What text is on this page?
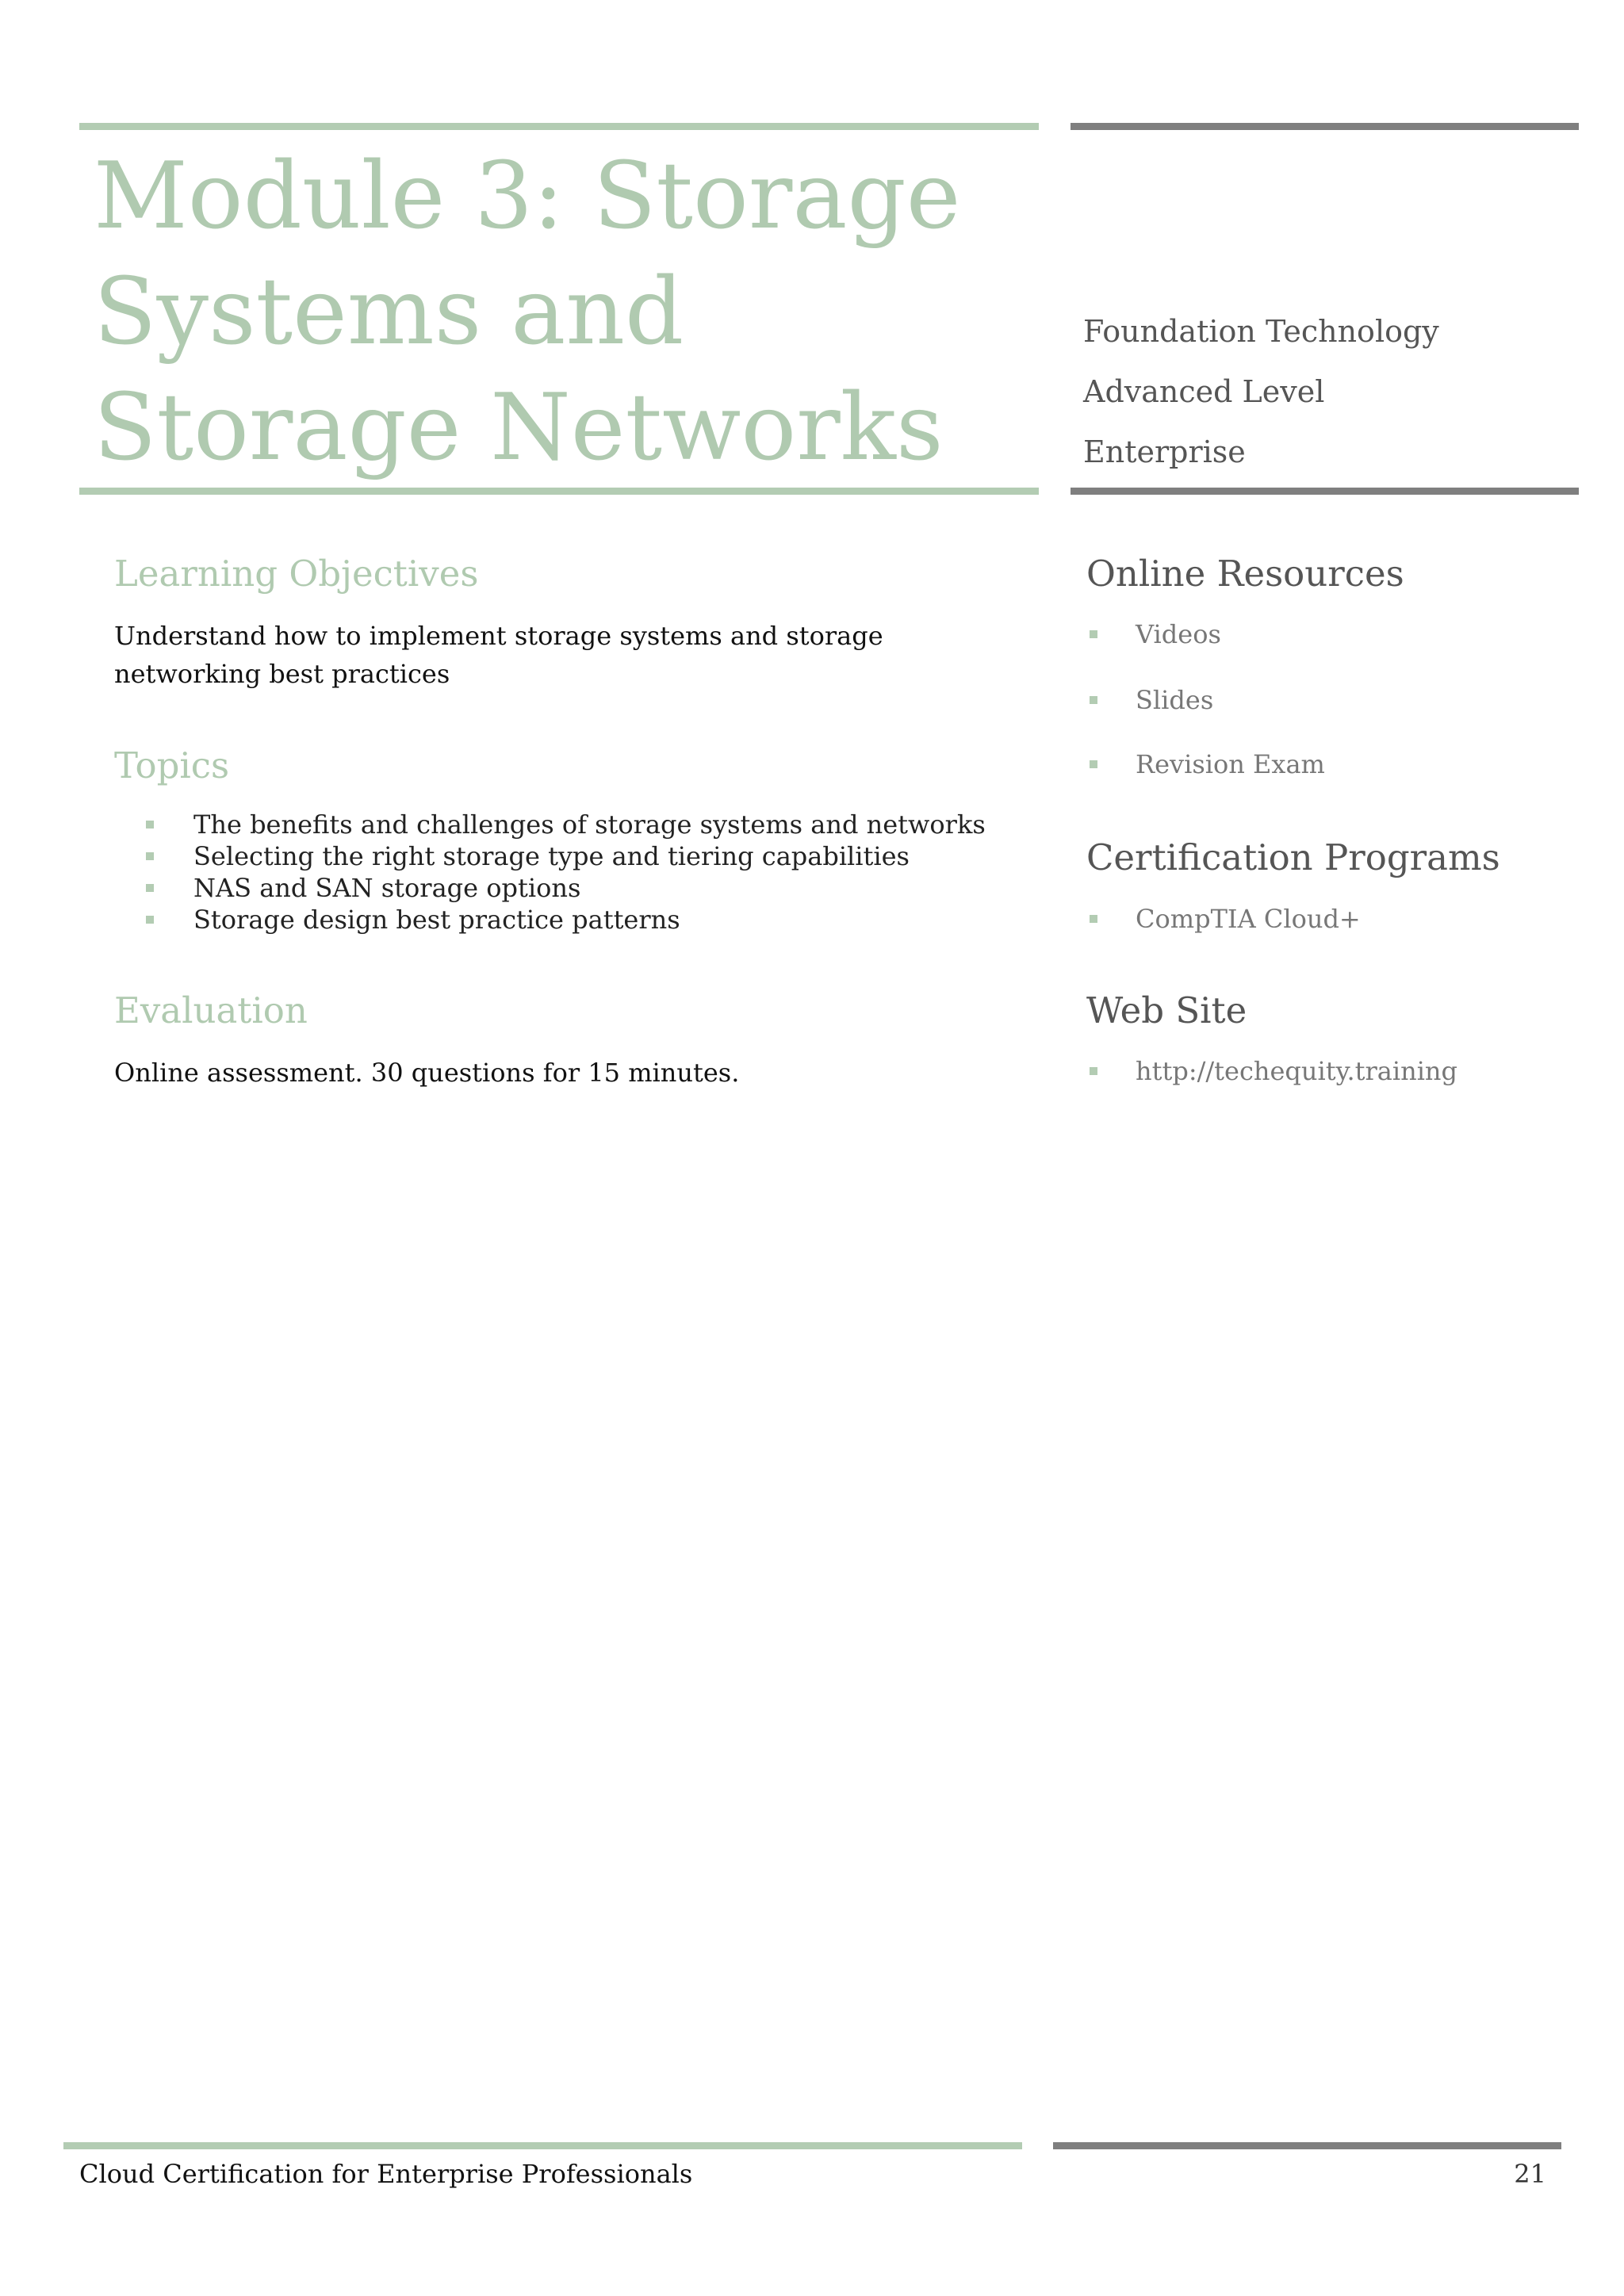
Module 3: Storage Systems and Storage Networks
Foundation Technology
Advanced Level
Enterprise
Learning Objectives

Understand how to implement storage systems and storage networking best practices

Topics
The benefits and challenges of storage systems and networks
Selecting the right storage type and tiering capabilities
NAS and SAN storage options
Storage design best practice patterns
Evaluation

Online assessment. 30 questions for 15 minutes.

Online Resources
Videos
Slides
Revision Exam
Certification Programs
CompTIA Cloud+
Web Site
http://techequity.training
Cloud Certification for Enterprise Professionals	21
